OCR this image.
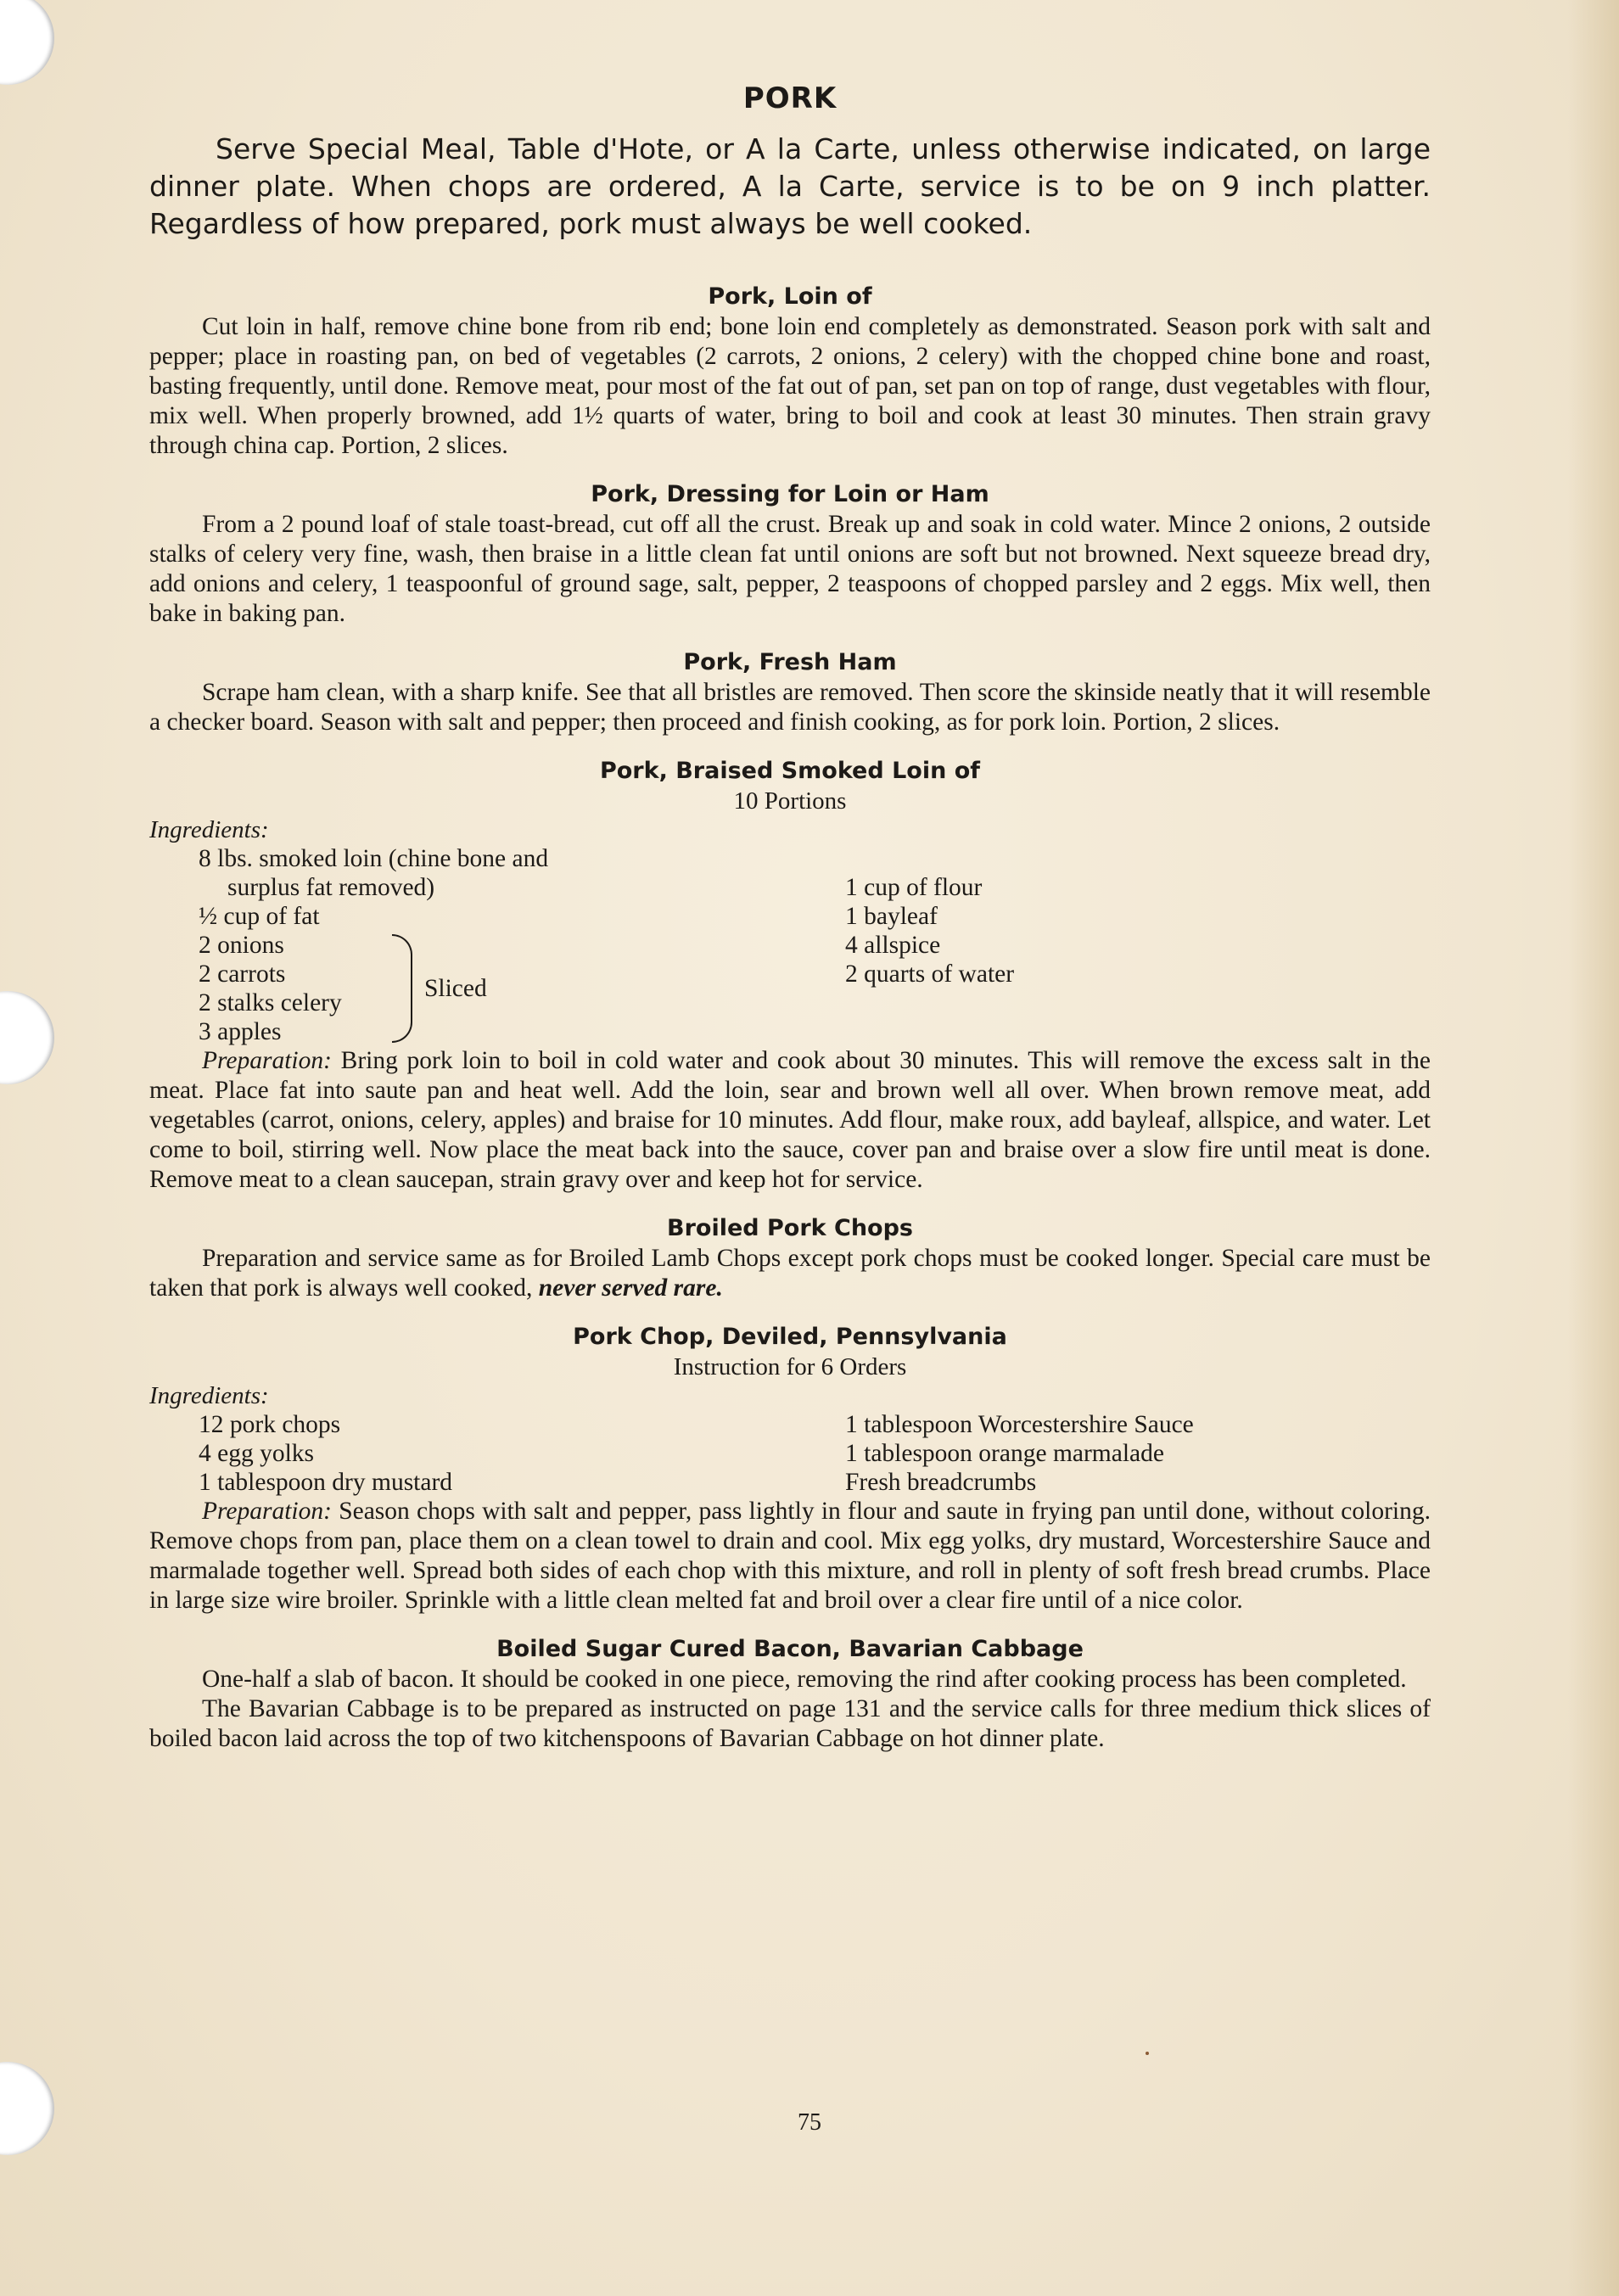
PORK

Serve Special Meal, Table d'Hote, or A la Carte, unless otherwise indicated, on large dinner plate. When chops are ordered, A la Carte, service is to be on 9 inch platter. Regardless of how prepared, pork must always be well cooked.

Pork, Loin of

Cut loin in half, remove chine bone from rib end; bone loin end completely as demonstrated. Season pork with salt and pepper; place in roasting pan, on bed of vegetables (2 carrots, 2 onions, 2 celery) with the chopped chine bone and roast, basting frequently, until done. Remove meat, pour most of the fat out of pan, set pan on top of range, dust vegetables with flour, mix well. When properly browned, add 1½ quarts of water, bring to boil and cook at least 30 minutes. Then strain gravy through china cap. Portion, 2 slices.

Pork, Dressing for Loin or Ham

From a 2 pound loaf of stale toast-bread, cut off all the crust. Break up and soak in cold water. Mince 2 onions, 2 outside stalks of celery very fine, wash, then braise in a little clean fat until onions are soft but not browned. Next squeeze bread dry, add onions and celery, 1 teaspoonful of ground sage, salt, pepper, 2 teaspoons of chopped parsley and 2 eggs. Mix well, then bake in baking pan.

Pork, Fresh Ham

Scrape ham clean, with a sharp knife. See that all bristles are removed. Then score the skinside neatly that it will resemble a checker board. Season with salt and pepper; then proceed and finish cooking, as for pork loin. Portion, 2 slices.

Pork, Braised Smoked Loin of

10 Portions

Ingredients:

8 lbs. smoked loin (chine bone and

surplus fat removed)

½ cup of fat

2 onions

2 carrots

2 stalks celery

3 apples

Sliced

1 cup of flour

1 bayleaf

4 allspice

2 quarts of water

Preparation: Bring pork loin to boil in cold water and cook about 30 minutes. This will remove the excess salt in the meat. Place fat into saute pan and heat well. Add the loin, sear and brown well all over. When brown remove meat, add vegetables (carrot, onions, celery, apples) and braise for 10 minutes. Add flour, make roux, add bayleaf, allspice, and water. Let come to boil, stirring well. Now place the meat back into the sauce, cover pan and braise over a slow fire until meat is done. Remove meat to a clean saucepan, strain gravy over and keep hot for service.

Broiled Pork Chops

Preparation and service same as for Broiled Lamb Chops except pork chops must be cooked longer. Special care must be taken that pork is always well cooked, never served rare.

Pork Chop, Deviled, Pennsylvania

Instruction for 6 Orders

Ingredients:

12 pork chops

4 egg yolks

1 tablespoon dry mustard

1 tablespoon Worcestershire Sauce

1 tablespoon orange marmalade

Fresh breadcrumbs

Preparation: Season chops with salt and pepper, pass lightly in flour and saute in frying pan until done, without coloring. Remove chops from pan, place them on a clean towel to drain and cool. Mix egg yolks, dry mustard, Worcestershire Sauce and marmalade together well. Spread both sides of each chop with this mixture, and roll in plenty of soft fresh bread crumbs. Place in large size wire broiler. Sprinkle with a little clean melted fat and broil over a clear fire until of a nice color.

Boiled Sugar Cured Bacon, Bavarian Cabbage

One-half a slab of bacon. It should be cooked in one piece, removing the rind after cooking process has been completed.

The Bavarian Cabbage is to be prepared as instructed on page 131 and the service calls for three medium thick slices of boiled bacon laid across the top of two kitchenspoons of Bavarian Cabbage on hot dinner plate.

75
